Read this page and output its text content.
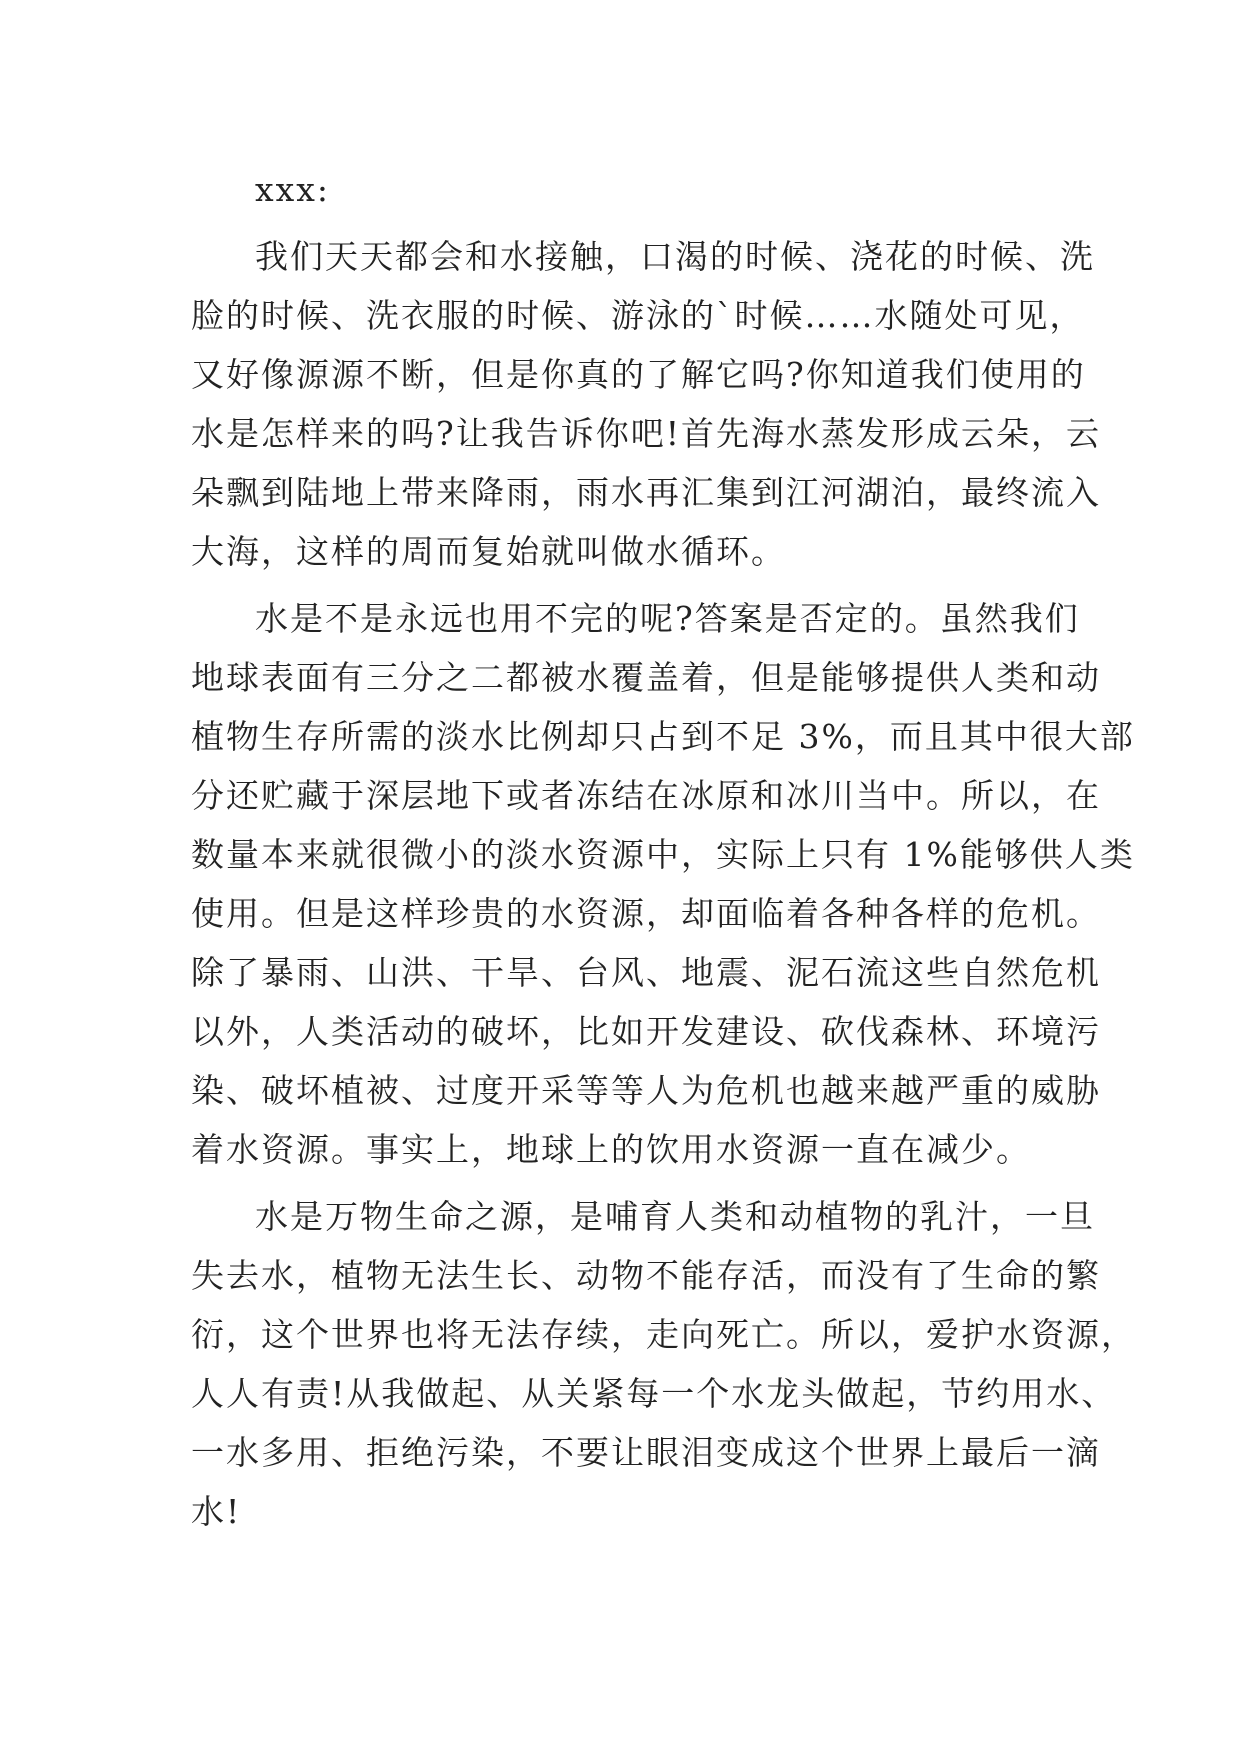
xxx:
我们天天都会和水接触，口渴的时候、浇花的时候、洗
脸的时候、洗衣服的时候、游泳的`时候……水随处可见，
又好像源源不断，但是你真的了解它吗?你知道我们使用的
水是怎样来的吗?让我告诉你吧!首先海水蒸发形成云朵，云
朵飘到陆地上带来降雨，雨水再汇集到江河湖泊，最终流入
大海，这样的周而复始就叫做水循环。
水是不是永远也用不完的呢?答案是否定的。虽然我们
地球表面有三分之二都被水覆盖着，但是能够提供人类和动
植物生存所需的淡水比例却只占到不足 3%，而且其中很大部
分还贮藏于深层地下或者冻结在冰原和冰川当中。所以，在
数量本来就很微小的淡水资源中，实际上只有 1%能够供人类
使用。但是这样珍贵的水资源，却面临着各种各样的危机。
除了暴雨、山洪、干旱、台风、地震、泥石流这些自然危机
以外，人类活动的破坏，比如开发建设、砍伐森林、环境污
染、破坏植被、过度开采等等人为危机也越来越严重的威胁
着水资源。事实上，地球上的饮用水资源一直在减少。
水是万物生命之源，是哺育人类和动植物的乳汁，一旦
失去水，植物无法生长、动物不能存活，而没有了生命的繁
衍，这个世界也将无法存续，走向死亡。所以，爱护水资源，
人人有责!从我做起、从关紧每一个水龙头做起，节约用水、
一水多用、拒绝污染，不要让眼泪变成这个世界上最后一滴
水!
